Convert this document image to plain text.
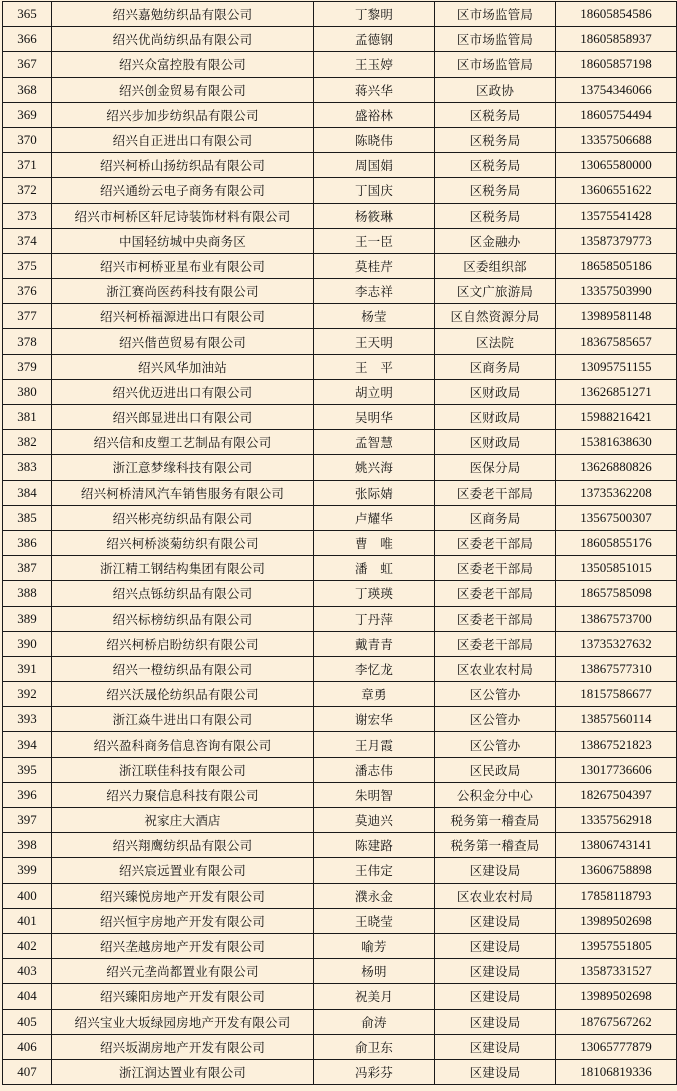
365	绍兴嘉勉纺织品有限公司	丁黎明	区市场监管局	18605854586
366	绍兴优尚纺织品有限公司	孟德钢	区市场监管局	18605858937
367	绍兴众富控股有限公司	王玉婷	区市场监管局	18605857198
368	绍兴创金贸易有限公司	蒋兴华	区政协	13754346066
369	绍兴步加步纺织品有限公司	盛裕林	区税务局	18605754494
370	绍兴自正进出口有限公司	陈晓伟	区税务局	13357506688
371	绍兴柯桥山扬纺织品有限公司	周国娟	区税务局	13065580000
372	绍兴通纷云电子商务有限公司	丁国庆	区税务局	13606551622
373	绍兴市柯桥区轩尼诗装饰材料有限公司	杨筱琳	区税务局	13575541428
374	中国轻纺城中央商务区	王一臣	区金融办	13587379773
375	绍兴市柯桥亚星布业有限公司	莫桂芹	区委组织部	18658505186
376	浙江赛尚医药科技有限公司	李志祥	区文广旅游局	13357503990
377	绍兴柯桥福源进出口有限公司	杨莹	区自然资源分局	13989581148
378	绍兴偕芭贸易有限公司	王天明	区法院	18367585657
379	绍兴风华加油站	王　平	区商务局	13095751155
380	绍兴优迈进出口有限公司	胡立明	区财政局	13626851271
381	绍兴郎显进出口有限公司	吴明华	区财政局	15988216421
382	绍兴信和皮塑工艺制品有限公司	孟智慧	区财政局	15381638630
383	浙江意梦缘科技有限公司	姚兴海	医保分局	13626880826
384	绍兴柯桥清风汽车销售服务有限公司	张际婧	区委老干部局	13735362208
385	绍兴彬亮纺织品有限公司	卢耀华	区商务局	13567500307
386	绍兴柯桥淡菊纺织有限公司	曹　唯	区委老干部局	18605855176
387	浙江精工钢结构集团有限公司	潘　虹	区委老干部局	13505851015
388	绍兴点铄纺织品有限公司	丁瑛瑛	区委老干部局	18657585098
389	绍兴标榜纺织品有限公司	丁丹萍	区委老干部局	13867573700
390	绍兴柯桥启盼纺织有限公司	戴青青	区委老干部局	13735327632
391	绍兴一橙纺织品有限公司	李忆龙	区农业农村局	13867577310
392	绍兴沃晟伦纺织品有限公司	章勇	区公管办	18157586677
393	浙江焱牛进出口有限公司	谢宏华	区公管办	13857560114
394	绍兴盈科商务信息咨询有限公司	王月霞	区公管办	13867521823
395	浙江联佳科技有限公司	潘志伟	区民政局	13017736606
396	绍兴力聚信息科技有限公司	朱明智	公积金分中心	18267504397
397	祝家庄大酒店	莫迪兴	税务第一稽查局	13357562918
398	绍兴翔鹰纺织品有限公司	陈建路	税务第一稽查局	13806743141
399	绍兴宸远置业有限公司	王伟定	区建设局	13606758898
400	绍兴臻悦房地产开发有限公司	濮永金	区农业农村局	17858118793
401	绍兴恒宇房地产开发有限公司	王晓莹	区建设局	13989502698
402	绍兴垄越房地产开发有限公司	喻芳	区建设局	13957551805
403	绍兴元垄尚都置业有限公司	杨明	区建设局	13587331527
404	绍兴臻阳房地产开发有限公司	祝美月	区建设局	13989502698
405	绍兴宝业大坂绿园房地产开发有限公司	俞涛	区建设局	18767567262
406	绍兴坂湖房地产开发有限公司	俞卫东	区建设局	13065777879
407	浙江润达置业有限公司	冯彩芬	区建设局	18106819336
